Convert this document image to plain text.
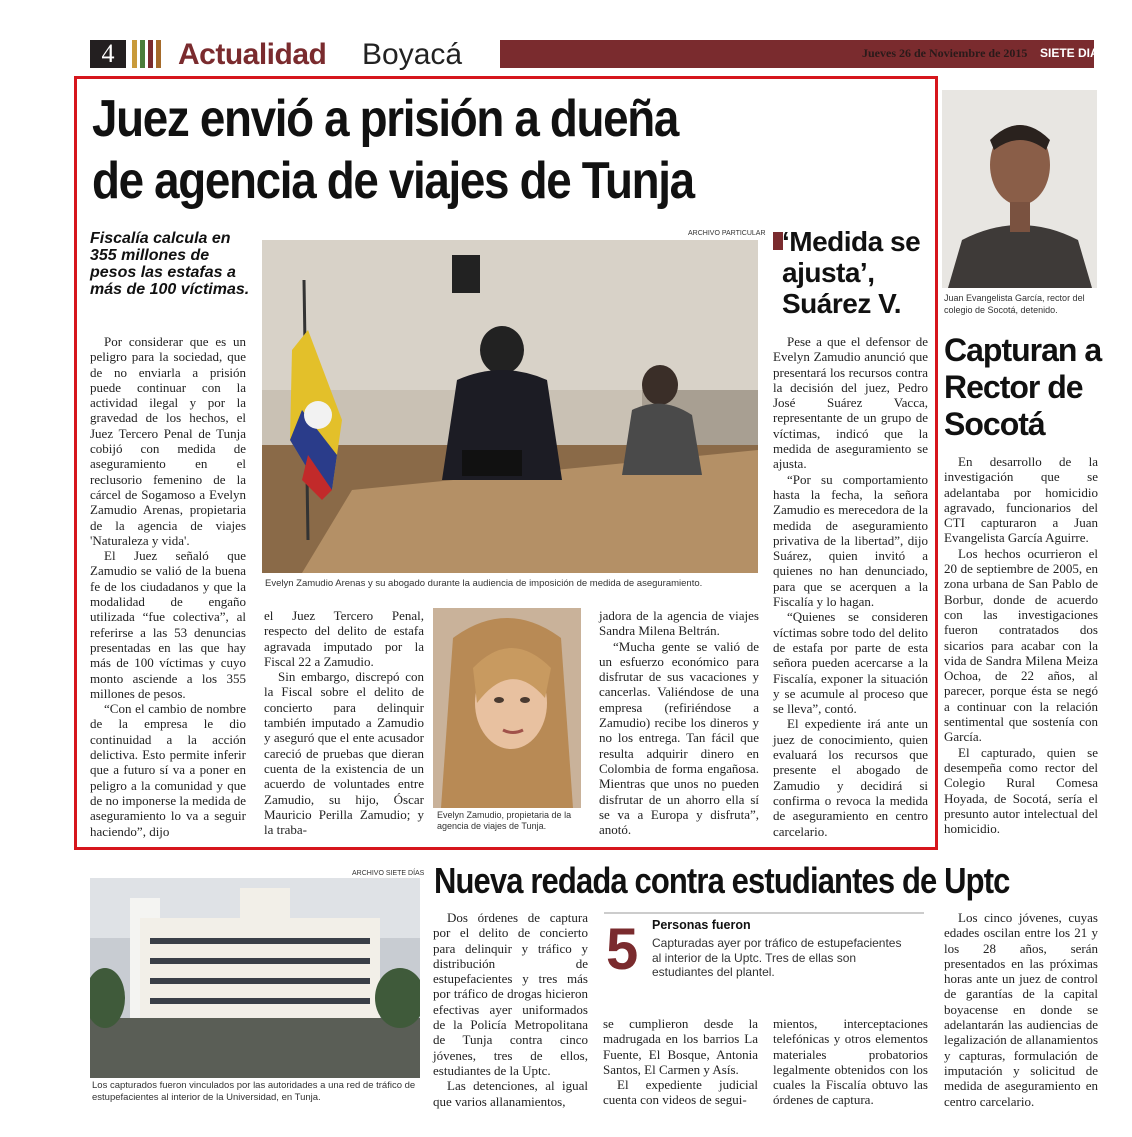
4	Actualidad Boyacá	Jueves 26 de Noviembre de 2015 SIETE DIAS
Juez envió a prisión a dueña
de agencia de viajes de Tunja
Fiscalía calcula en 355 millones de pesos las estafas a más de 100 víctimas.

Por considerar que es un peligro para la sociedad, que de no enviarla a prisión puede continuar con la actividad ilegal y por la gravedad de los hechos, el Juez Tercero Penal de Tunja cobijó con medida de aseguramiento en el reclusorio femenino de la cárcel de Sogamoso a Evelyn Zamudio Arenas, propietaria de la agencia de viajes 'Naturaleza y vida'.

El Juez señaló que Zamudio se valió de la buena fe de los ciudadanos y que la modalidad de engaño utilizada “fue colectiva”, al referirse a las 53 denuncias presentadas en las que hay más de 100 víctimas y cuyo monto asciende a los 355 millones de pesos.

“Con el cambio de nombre de la empresa le dio continuidad a la acción delictiva. Esto permite inferir que a futuro sí va a poner en peligro a la comunidad y que de no imponerse la medida de aseguramiento lo va a seguir haciendo”, dijo

ARCHIVO PARTICULAR
Evelyn Zamudio Arenas y su abogado durante la audiencia de imposición de medida de aseguramiento.

el Juez Tercero Penal, respecto del delito de estafa agravada imputado por la Fiscal 22 a Zamudio.

Sin embargo, discrepó con la Fiscal sobre el delito de concierto para delinquir también imputado a Zamudio y aseguró que el ente acusador careció de pruebas que dieran cuenta de la existencia de un acuerdo de voluntades entre Zamudio, su hijo, Óscar Mauricio Perilla Zamudio; y la traba-

Evelyn Zamudio, propietaria de la agencia de viajes de Tunja.

jadora de la agencia de viajes Sandra Milena Beltrán.

“Mucha gente se valió de un esfuerzo económico para disfrutar de sus vacaciones y cancerlas. Valiéndose de una empresa (refiriéndose a Zamudio) recibe los dineros y no los entrega. Tan fácil que resulta adquirir dinero en Colombia de forma engañosa. Mientras que unos no pueden disfrutar de un ahorro ella sí se va a Europa y disfruta”, anotó.

‘Medida se ajusta’, Suárez V.

Pese a que el defensor de Evelyn Zamudio anunció que presentará los recursos contra la decisión del juez, Pedro José Suárez Vacca, representante de un grupo de víctimas, indicó que la medida de aseguramiento se ajusta.

“Por su comportamiento hasta la fecha, la señora Zamudio es merecedora de la medida de aseguramiento privativa de la libertad”, dijo Suárez, quien invitó a quienes no han denunciado, para que se acerquen a la Fiscalía y lo hagan.

“Quienes se consideren víctimas sobre todo del delito de estafa por parte de esta señora pueden acercarse a la Fiscalía, exponer la situación y se acumule al proceso que se lleva”, contó.

El expediente irá ante un juez de conocimiento, quien evaluará los recursos que presente el abogado de Zamudio y decidirá si confirma o revoca la medida de aseguramiento en centro carcelario.

Juan Evangelista García, rector del colegio de Socotá, detenido.
Capturan a Rector de Socotá

En desarrollo de la investigación que se adelantaba por homicidio agravado, funcionarios del CTI capturaron a Juan Evangelista García Aguirre.

Los hechos ocurrieron el 20 de septiembre de 2005, en zona urbana de San Pablo de Borbur, donde de acuerdo con las investigaciones fueron contratados dos sicarios para acabar con la vida de Sandra Milena Meiza Ochoa, de 22 años, al parecer, porque ésta se negó a continuar con la relación sentimental que sostenía con García.

El capturado, quien se desempeña como rector del Colegio Rural Comesa Hoyada, de Socotá, sería el presunto autor intelectual del homicidio.

ARCHIVO SIETE DÍAS
Los capturados fueron vinculados por las autoridades a una red de tráfico de estupefacientes al interior de la Universidad, en Tunja.
Nueva redada contra estudiantes de Uptc

Dos órdenes de captura por el delito de concierto para delinquir y tráfico y distribución de estupefacientes y tres más por tráfico de drogas hicieron efectivas ayer uniformados de la Policía Metropolitana de Tunja contra cinco jóvenes, tres de ellos, estudiantes de la Uptc.

Las detenciones, al igual que varios allanamientos,

5 Personas fueron
Capturadas ayer por tráfico de estupefacientes al interior de la Uptc. Tres de ellas son estudiantes del plantel.

se cumplieron desde la madrugada en los barrios La Fuente, El Bosque, Antonia Santos, El Carmen y Asís.

El expediente judicial cuenta con videos de segui-

mientos, interceptaciones telefónicas y otros elementos materiales probatorios legalmente obtenidos con los cuales la Fiscalía obtuvo las órdenes de captura.

Los cinco jóvenes, cuyas edades oscilan entre los 21 y los 28 años, serán presentados en las próximas horas ante un juez de control de garantías de la capital boyacense en donde se adelantarán las audiencias de legalización de allanamientos y capturas, formulación de imputación y solicitud de medida de aseguramiento en centro carcelario.
